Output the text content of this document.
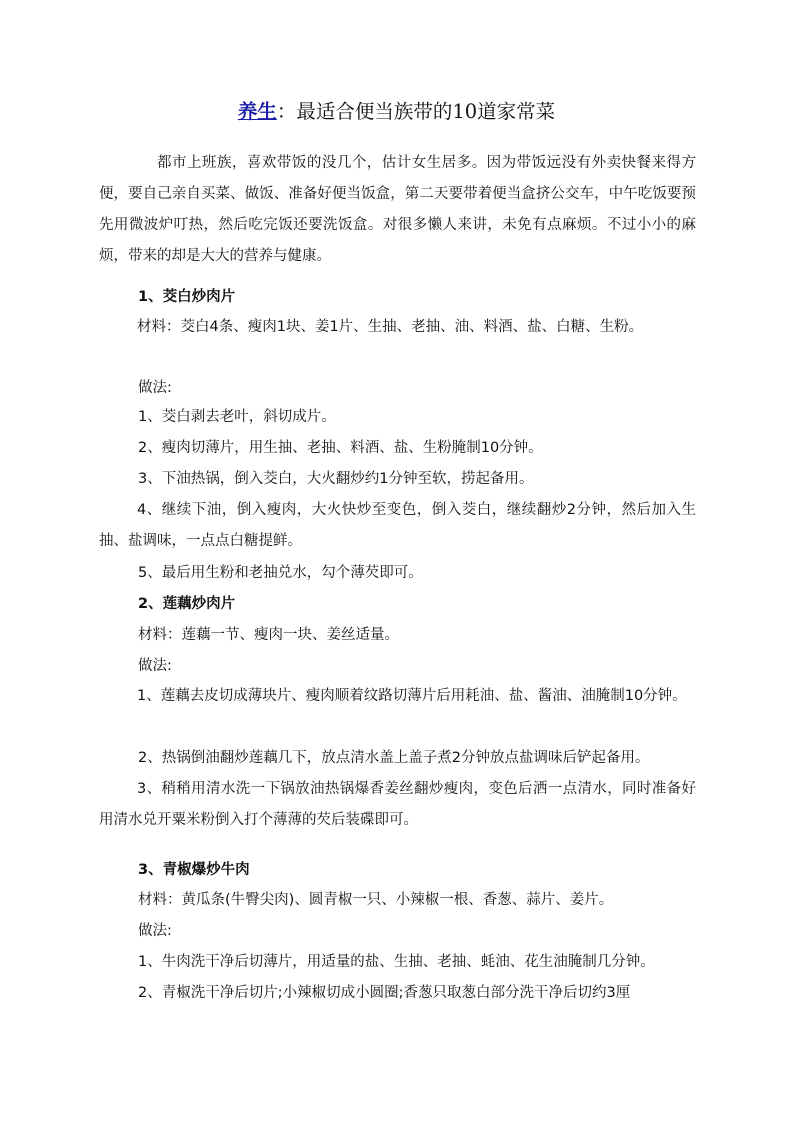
养生：最适合便当族带的10道家常菜

都市上班族，喜欢带饭的没几个，估计女生居多。因为带饭远没有外卖快餐来得方便，要自己亲自买菜、做饭、准备好便当饭盒，第二天要带着便当盒挤公交车，中午吃饭要预先用微波炉叮热，然后吃完饭还要洗饭盒。对很多懒人来讲，未免有点麻烦。不过小小的麻烦，带来的却是大大的营养与健康。

1、茭白炒肉片

材料：茭白4条、瘦肉1块、姜1片、生抽、老抽、油、料酒、盐、白糖、生粉。

做法:

1、茭白剥去老叶，斜切成片。

2、瘦肉切薄片，用生抽、老抽、料酒、盐、生粉腌制10分钟。

3、下油热锅，倒入茭白，大火翻炒约1分钟至软，捞起备用。

4、继续下油，倒入瘦肉，大火快炒至变色，倒入茭白，继续翻炒2分钟，然后加入生抽、盐调味，一点点白糖提鲜。

5、最后用生粉和老抽兑水，勾个薄芡即可。

2、莲藕炒肉片

材料：莲藕一节、瘦肉一块、姜丝适量。

做法:

1、莲藕去皮切成薄块片、瘦肉顺着纹路切薄片后用耗油、盐、酱油、油腌制10分钟。

2、热锅倒油翻炒莲藕几下，放点清水盖上盖子煮2分钟放点盐调味后铲起备用。

3、稍稍用清水洗一下锅放油热锅爆香姜丝翻炒瘦肉，变色后洒一点清水，同时准备好用清水兑开粟米粉倒入打个薄薄的芡后装碟即可。

3、青椒爆炒牛肉

材料：黄瓜条(牛臀尖肉)、圆青椒一只、小辣椒一根、香葱、蒜片、姜片。

做法:

1、牛肉洗干净后切薄片，用适量的盐、生抽、老抽、蚝油、花生油腌制几分钟。

2、青椒洗干净后切片;小辣椒切成小圆圈;香葱只取葱白部分洗干净后切约3厘
